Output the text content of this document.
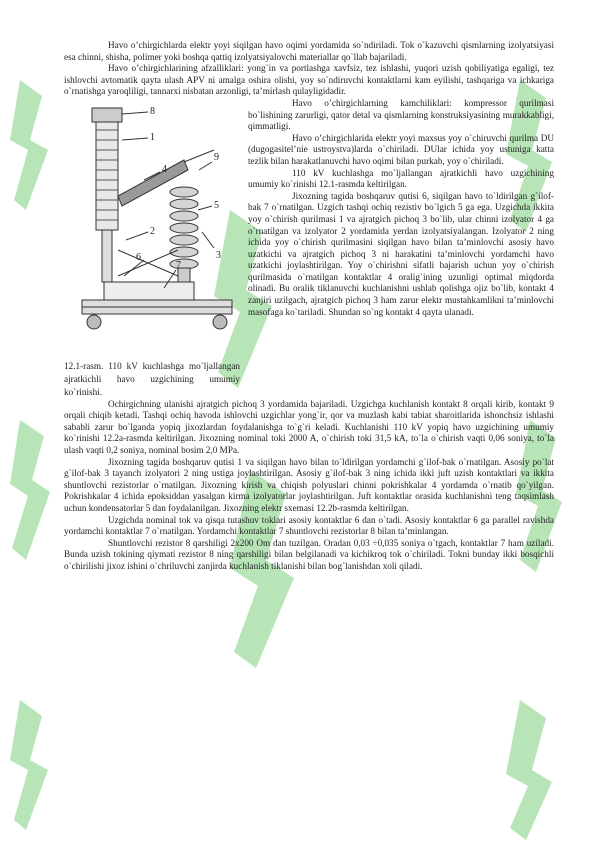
Havo o’chirgichlarda elektr yoyi siqilgan havo oqimi yordamida so`ndiriladi. Tok o`kazuvchi qismlarning izolyatsiyasi esa chinni, shisha, polimer yoki boshqa qattiq izolyatsiyalovchi materiallar qo`llab bajariladi.

Havo o’chirgichlarining afzalliklari: yong`in va portlashga xavfsiz, tez ishlashi, yuqori uzish qobiliyatiga egaligi, tez ishlovchi avtomatik qayta ulash APV ni amalga oshira olishi, yoy so`ndiruvchi kontaktlarni kam eyilishi, tashqariga va ichkariga o`rnatishga yaroqliligi, tannarxi nisbatan arzonligi, ta’mirlash qulayligidadir.

8
1
9
2
5
6
7
3
4
12.1-rasm. 110 kV kuchlashga mo`ljallangan ajratkichli havo uzgichining umumiy ko`rinishi.

Havo o’chirgichlarning kamchiliklari: kompressor qurilmasi bo`lishining zarurligi, qator detal va qismlarning konstruksiyasining murakkabligi, qimmatligi.

Havo o’chirgichlarida elektr yoyi maxsus yoy o`chiruvchi qurilma DU (dugogasitel’nie ustroystva)larda o`chiriladi. DUlar ichida yoy ustuniga katta tezlik bilan harakatlanuvchi havo oqimi bilan purkab, yoy o`chiriladi.

110 kV kuchlashga mo`ljallangan ajratkichli havo uzgichining umumiy ko`rinishi 12.1-rasmda keltirilgan.

Jixozning tagida boshqaruv qutisi 6, siqilgan havo to`ldirilgan g`ilof-bak 7 o`rnatilgan. Uzgich tashqi ochiq rezistiv bo`lgich 5 ga ega. Uzgichda ikkita yoy o`chirish qurilmasi 1 va ajratgich pichoq 3 bo`lib, ular chinni izolyator 4 ga o`rnatilgan va izolyator 2 yordamida yerdan izolyatsiyalangan. Izolyator 2 ning ichida yoy o`chirish qurilmasini siqilgan havo bilan ta’minlovchi asosiy havo uzatkichi va ajratgich pichoq 3 ni harakatini ta’minlovchi yordamchi havo uzatkichi joylashtirilgan. Yoy o`chirishni sifatli bajarish uchun yoy o`chirish qurilmasida o`rnatilgan kontaktlar 4 oralig`ining uzunligi optimal miqdorda olinadi. Bu oralik tiklanuvchi kuchlanishni ushlab qolishga ojiz bo`lib, kontakt 4 zanjiri uzilgach, ajratgich pichoq 3 ham zarur elektr mustahkamlikni ta’minlovchi masofaga ko`tariladi. Shundan so`ng kontakt 4 qayta ulanadi.

Ochirgichning ulanishi ajratgich pichoq 3 yordamida bajariladi. Uzgichga kuchlanish kontakt 8 orqali kirib, kontakt 9 orqali chiqib ketadi. Tashqi ochiq havoda ishlovchi uzgichlar yong`ir, qor va muzlash kabi tabiat sharoitlarida ishonchsiz ishlashi sababli zarur bo`lganda yopiq jixozlardan foydalanishga to`g`ri keladi. Kuchlanishi 110 kV yopiq havo uzgichining umumiy ko`rinishi 12.2a-rasmda keltirilgan. Jixozning nominal toki 2000 A, o`chirish toki 31,5 kA, to`la o`chirish vaqti 0,06 soniya, to`la ulash vaqti 0,2 soniya, nominal bosim 2,0 MPa.

Jixozning tagida boshqaruv qutisi 1 va siqilgan havo bilan to`ldirilgan yordamchi g`ilof-bak o`rnatilgan. Asosiy po`lat g`ilof-bak 3 tayanch izolyatori 2 ning ustiga joylashtirilgan. Asosiy g`ilof-bak 3 ning ichida ikki juft uzish kontaktlari va ikkita shuntlovchi rezistorlar o`rnatilgan. Jixozning kirish va chiqish polyuslari chinni pokrishkalar 4 yordamda o`rnatib qo`yilgan. Pokrishkalar 4 ichida epoksiddan yasalgan kirma izolyatorlar joylashtirilgan. Juft kontaktlar orasida kuchlanishni teng taqsimlash uchun kondensatorlar 5 dan foydalanilgan. Jixozning elektr sxemasi 12.2b-rasmda keltirilgan.

Uzgichda nominal tok va qisqa tutashuv toklari asosiy kontaktlar 6 dan o`tadi. Asosiy kontaktlar 6 ga parallel ravishda yordamchi kontaktlar 7 o`rnatilgan. Yordamchi kontaktlar 7 shuntlovchi rezistorlar 8 bilan ta’minlangan.

Shuntlovchi rezistor 8 qarshiligi 2x200 Om dan tuzilgan. Oradan 0,03 ÷0,035 soniya o`tgach, kontaktlar 7 ham uziladi. Bunda uzish tokining qiymati rezistor 8 ning qarshiligi bilan belgilanadi va kichikroq tok o`chiriladi. Tokni bunday ikki bosqichli o`chirilishi jixoz ishini o`chriluvchi zanjirda kuchlanish tiklanishi bilan bog`lanishdan xoli qiladi.
